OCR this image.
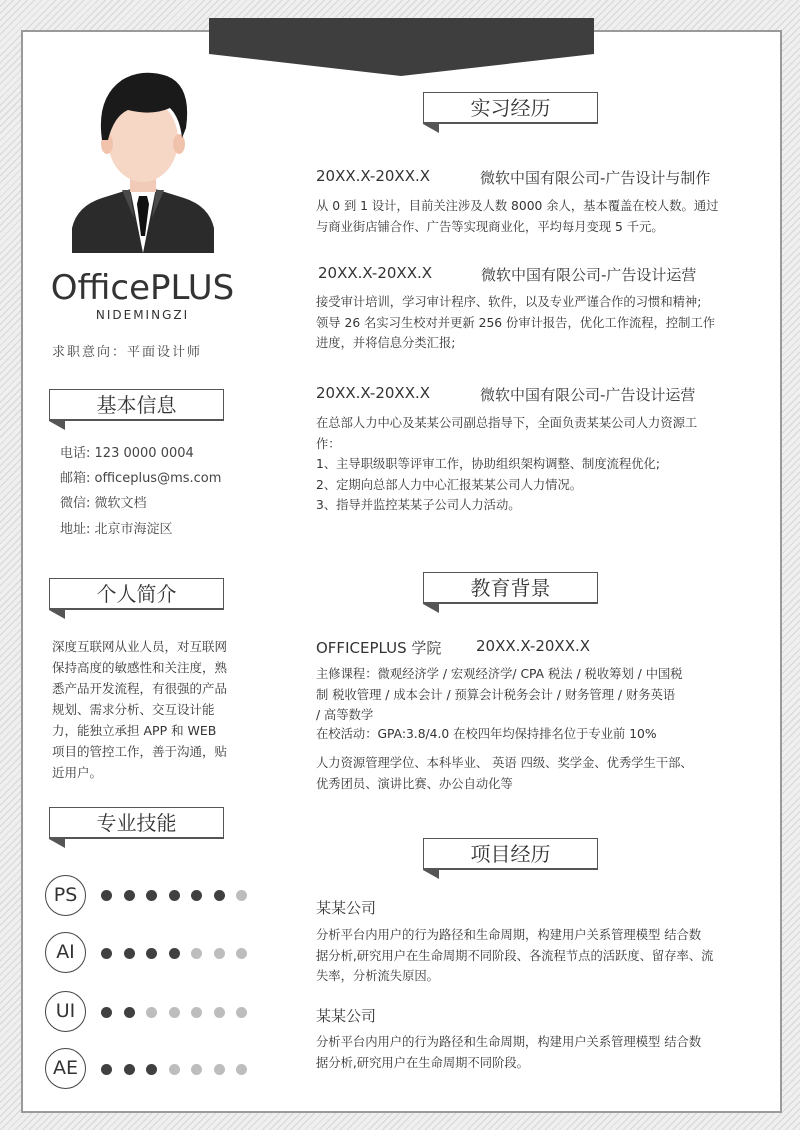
OfficePLUS
NIDEMINGZI
求职意向：平面设计师
基本信息
电话: 123 0000 0004
邮箱: officeplus@ms.com
微信: 微软文档
地址: 北京市海淀区
个人简介
深度互联网从业人员，对互联网保持高度的敏感性和关注度，熟悉产品开发流程，有很强的产品规划、需求分析、交互设计能力，能独立承担 APP 和 WEB 项目的管控工作，善于沟通，贴近用户。
专业技能
PS
AI
UI
AE
实习经历
20XX.X-20XX.X	微软中国有限公司-广告设计与制作
从 0 到 1 设计，目前关注涉及人数 8000 余人，基本覆盖在校人数。通过
与商业街店铺合作、广告等实现商业化，平均每月变现 5 千元。
20XX.X-20XX.X	微软中国有限公司-广告设计运营
接受审计培训，学习审计程序、软件，以及专业严谨合作的习惯和精神;
领导 26 名实习生校对并更新 256 份审计报告，优化工作流程，控制工作
进度，并将信息分类汇报;
20XX.X-20XX.X	微软中国有限公司-广告设计运营
在总部人力中心及某某公司副总指导下，全面负责某某公司人力资源工
作：
1、主导职级职等评审工作，协助组织架构调整、制度流程优化;
2、定期向总部人力中心汇报某某公司人力情况。
3、指导并监控某某子公司人力活动。
教育背景
OFFICEPLUS 学院 20XX.X-20XX.X
主修课程：微观经济学 / 宏观经济学/ CPA 税法 / 税收筹划 / 中国税
制 税收管理 / 成本会计 / 预算会计税务会计 / 财务管理 / 财务英语
/ 高等数学
在校活动：GPA:3.8/4.0 在校四年均保持排名位于专业前 10%
人力资源管理学位、本科毕业、 英语 四级、奖学金、优秀学生干部、
优秀团员、演讲比赛、办公自动化等
项目经历
某某公司
分析平台内用户的行为路径和生命周期，构建用户关系管理模型 结合数
据分析,研究用户在生命周期不同阶段、各流程节点的活跃度、留存率、流
失率，分析流失原因。
某某公司
分析平台内用户的行为路径和生命周期，构建用户关系管理模型 结合数
据分析,研究用户在生命周期不同阶段。
